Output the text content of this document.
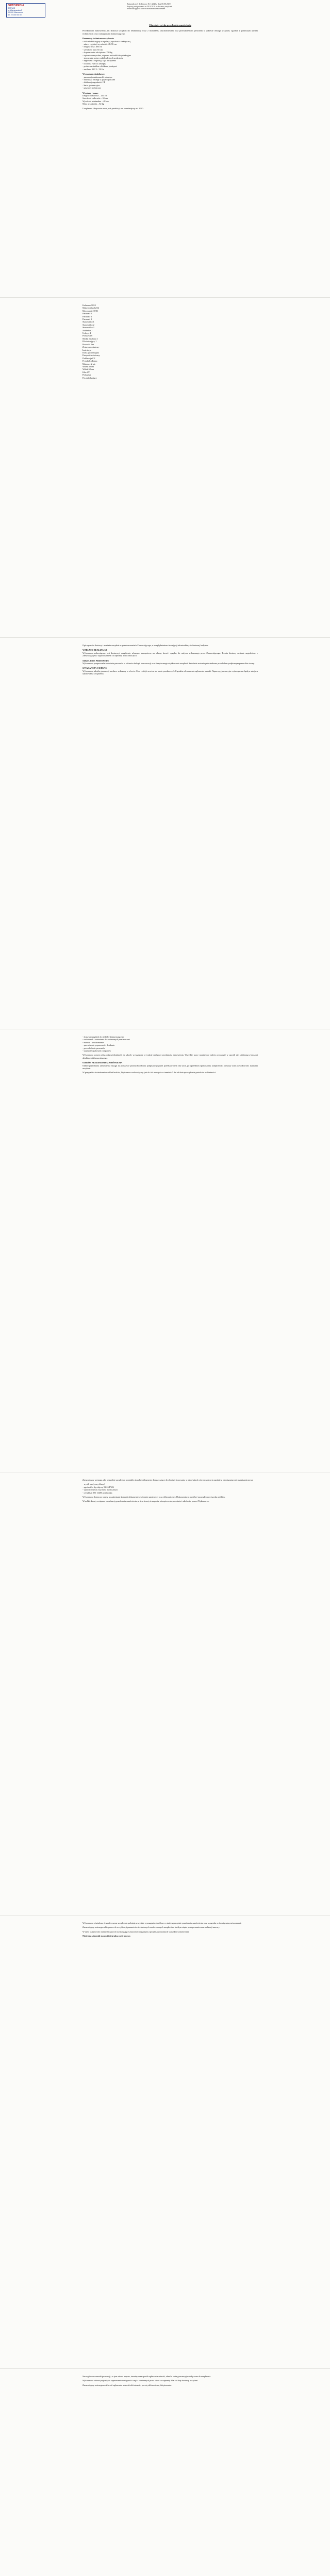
ORTOPEDIA
SERWIS
ul. Warszawska 5
00-000 Warszawa
tel. 22 000 00 00
Załącznik nr 1 do Umowy Nr 1/2020 z dnia 00.00.2020
dotyczy postępowania nr ZP/2/2020 na dostawę urządzeń
rehabilitacyjnych wraz z montażem i szkoleniem
Charakterystyka przedmiotu zamówienia

Przedmiotem zamówienia jest dostawa urządzeń do rehabilitacji wraz z montażem, uruchomieniem oraz przeszkoleniem personelu w zakresie obsługi urządzeń, zgodnie z poniższym opisem technicznym oraz wymaganiami Zamawiającego.

Parametry techniczne urządzenia:
- stół rehabilitacyjny z regulacją wysokości elektryczną
- zakres regulacji wysokości: 48–96 cm
- długość leża: 200 cm
- szerokość leża: 65 cm
- dopuszczalne obciążenie: 150 kg
- tapicerka zmywalna, odporna na środki dezynfekcyjne
- sterowanie nożne wokół całego obwodu stołu
- zagłówek z regulacją kąta nachylenia
- otwór na twarz z zaślepką
- podstawa stabilna z kółkami jezdnymi
- zasilanie 230 V / 50 Hz
Wymagania dodatkowe:
- gwarancja minimum 24 miesiące
- instrukcja obsługi w języku polskim
- deklaracja zgodności CE
- karta gwarancyjna
- paszport techniczny
Wymiary i masa:
Długość całkowita – 200 cm
Szerokość całkowita – 65 cm
Wysokość minimalna – 48 cm
Masa urządzenia – 82 kg

Urządzenie fabrycznie nowe, rok produkcji nie wcześniejszy niż 2020.

Kolumna 001/1
Maksymalna 123/2
Mocowanie 37/01
Parametr 1
Parametr 2
Parametr 3
Stanowisko 1
Stanowisko 2
Stanowisko 3
Nakładka 2
Uchwyt 4
Podstawa 6
Moduł zasilania 1
Pilot sterujący 1
Przewód 3 m
Zestaw montażowy
Instrukcja
Karta gwarancyjna
Paszport techniczny
Deklaracja CE
Protokół odbioru
Materace 2 szt.
Wałek 40 cm
Wałek 60 cm
Klin 45°
Poduszka
Pas stabilizujący

Opis sposobu dostawy i montażu urządzeń w pomieszczeniach Zamawiającego, z uwzględnieniem istniejącej infrastruktury technicznej budynku.

WARUNKI REALIZACJI

Wykonawca zobowiązany jest dostarczyć urządzenia własnym transportem, na własny koszt i ryzyko, do miejsca wskazanego przez Zamawiającego. Termin dostawy zostanie uzgodniony z Zamawiającym z wyprzedzeniem co najmniej 3 dni roboczych.

SZKOLENIE PERSONELU

Wykonawca przeprowadzi szkolenie personelu w zakresie obsługi, konserwacji oraz bezpiecznego użytkowania urządzeń. Szkolenie zostanie potwierdzone protokołem podpisanym przez obie strony.

GWARANCJA I SERWIS

Wykonawca udziela gwarancji na okres wskazany w ofercie. Czas reakcji serwisu nie może przekroczyć 48 godzin od momentu zgłoszenia usterki. Naprawy gwarancyjne wykonywane będą w miejscu użytkowania urządzenia.

- dostawa urządzeń do siedziby Zamawiającego
- rozładunek i wniesienie do wskazanych pomieszczeń
- montaż i uruchomienie
- sprawdzenie poprawności działania
- przeszkolenie personelu
- usunięcie opakowań i odpadów

Wykonawca ponosi pełną odpowiedzialność za szkody wyrządzone w trakcie realizacji przedmiotu zamówienia. Wszelkie prace montażowe należy prowadzić w sposób nie zakłócający bieżącej działalności Zamawiającego.

ODBIÓR PRZEDMIOTU ZAMÓWIENIA

Odbiór przedmiotu zamówienia nastąpi na podstawie protokołu odbioru podpisanego przez przedstawicieli obu stron, po uprzednim sprawdzeniu kompletności dostawy oraz prawidłowości działania urządzeń.

W przypadku stwierdzenia wad lub braków, Wykonawca zobowiązany jest do ich usunięcia w terminie 7 dni od dnia sporządzenia protokołu rozbieżności.

Zamawiający wymaga, aby wszystkie urządzenia posiadały aktualne dokumenty dopuszczające do obrotu i stosowania w placówkach ochrony zdrowia zgodnie z obowiązującymi przepisami prawa.

- wyrób medyczny klasy I
- zgodność z dyrektywą 93/42/EWG
- wpis do rejestru wyrobów medycznych
- certyfikat ISO 13485 producenta

Wykonawca dostarczy wraz z urządzeniami komplet dokumentów w formie papierowej oraz elektronicznej. Dokumentacja musi być sporządzona w języku polskim.

Wszelkie koszty związane z realizacją przedmiotu zamówienia, w tym koszty transportu, ubezpieczenia, montażu i szkolenia, ponosi Wykonawca.

Wykonawca oświadcza, że zaoferowane urządzenia spełniają wszystkie wymagania określone w niniejszym opisie przedmiotu zamówienia oraz są zgodne z obowiązującymi normami.

Zamawiający zastrzega sobie prawo do weryfikacji parametrów technicznych zaoferowanych urządzeń na każdym etapie postępowania oraz realizacji umowy.

W razie wątpliwości interpretacyjnych rozstrzygające znaczenie mają zapisy specyfikacji istotnych warunków zamówienia.

Niniejszy załącznik stanowi integralną część umowy.

Szczegółowe warunki gwarancji, w tym zakres napraw, terminy oraz sposób zgłaszania usterek, określa karta gwarancyjna dołączona do urządzenia.

Wykonawca zobowiązuje się do zapewnienia dostępności części zamiennych przez okres co najmniej 8 lat od daty dostawy urządzeń.

Zamawiający zastrzega możliwość zgłaszania usterek telefonicznie, pocztą elektroniczną lub pisemnie.
